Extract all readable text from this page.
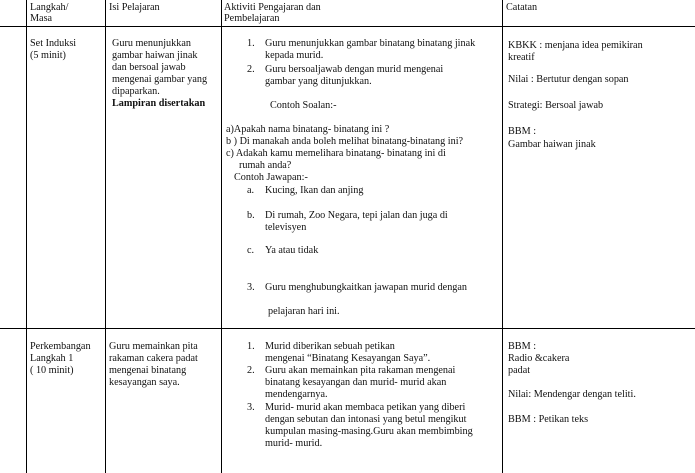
Langkah/
Masa
Isi Pelajaran	Aktiviti Pengajaran dan
Pembelajaran
Catatan
Set Induksi
(5 minit)
Guru menunjukkan
gambar haiwan jinak
dan bersoal jawab
mengenai gambar yang
dipaparkan.
Lampiran disertakan
1. Guru menunjukkan gambar binatang binatang jinak
kepada murid.
2. Guru bersoaljawab dengan murid mengenai
gambar yang ditunjukkan.
Contoh Soalan:-
a)Apakah nama binatang- binatang ini ?
b ) Di manakah anda boleh melihat binatang-binatang ini?
c) Adakah kamu memelihara binatang- binatang ini di
rumah anda?
Contoh Jawapan:-
a. Kucing, Ikan dan anjing
b. Di rumah, Zoo Negara, tepi jalan dan juga di
televisyen
c. Ya atau tidak
3. Guru menghubungkaitkan jawapan murid dengan
pelajaran hari ini.
KBKK : menjana idea pemikiran
kreatif
Nilai : Bertutur dengan sopan
Strategi: Bersoal jawab
BBM :
Gambar haiwan jinak
Perkembangan
Langkah 1
( 10 minit)
Guru memainkan pita
rakaman cakera padat
mengenai binatang
kesayangan saya.
1. Murid diberikan sebuah petikan
mengenai “Binatang Kesayangan Saya”.
2. Guru akan memainkan pita rakaman mengenai
binatang kesayangan dan murid- murid akan
mendengarnya.
3. Murid- murid akan membaca petikan yang diberi
dengan sebutan dan intonasi yang betul mengikut
kumpulan masing-masing.Guru akan membimbing
murid- murid.
BBM :
Radio &cakera
padat
Nilai: Mendengar dengan teliti.
BBM : Petikan teks
